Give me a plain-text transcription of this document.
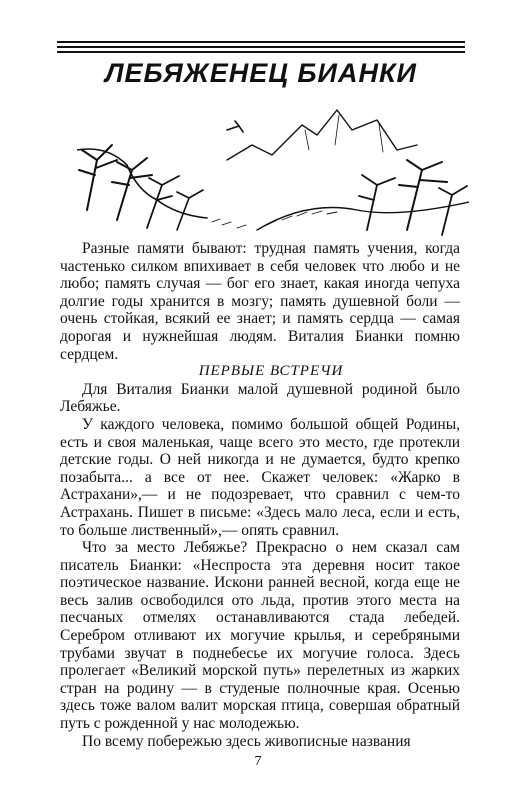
ЛЕБЯЖЕНЕЦ БИАНКИ

Разные памяти бывают: трудная память учения, когда частенько силком впихивает в себя человек что любо и не любо; память случая — бог его знает, какая иногда чепуха долгие годы хранится в мозгу; память душевной боли — очень стойкая, всякий ее знает; и память сердца — самая дорогая и нужнейшая людям. Виталия Бианки помню сердцем.

ПЕРВЫЕ ВСТРЕЧИ

Для Виталия Бианки малой душевной родиной было Лебяжье.

У каждого человека, помимо большой общей Родины, есть и своя маленькая, чаще всего это место, где протекли детские годы. О ней никогда и не думается, будто крепко позабыта... а все от нее. Скажет человек: «Жарко в Астрахани»,— и не подозревает, что сравнил с чем-то Астрахань. Пишет в письме: «Здесь мало леса, если и есть, то больше лиственный»,— опять сравнил.

Что за место Лебяжье? Прекрасно о нем сказал сам писатель Бианки: «Неспроста эта деревня носит такое поэтическое название. Искони ранней весной, когда еще не весь залив освободился ото льда, против этого места на песчаных отмелях останавливаются стада лебедей. Серебром отливают их могучие крылья, и серебряными трубами звучат в поднебесье их могучие голоса. Здесь пролегает «Великий морской путь» перелетных из жарких стран на родину — в студеные полночные края. Осенью здесь тоже валом валит морская птица, совершая обратный путь с рожденной у нас молодежью.

По всему побережью здесь живописные названия

7
